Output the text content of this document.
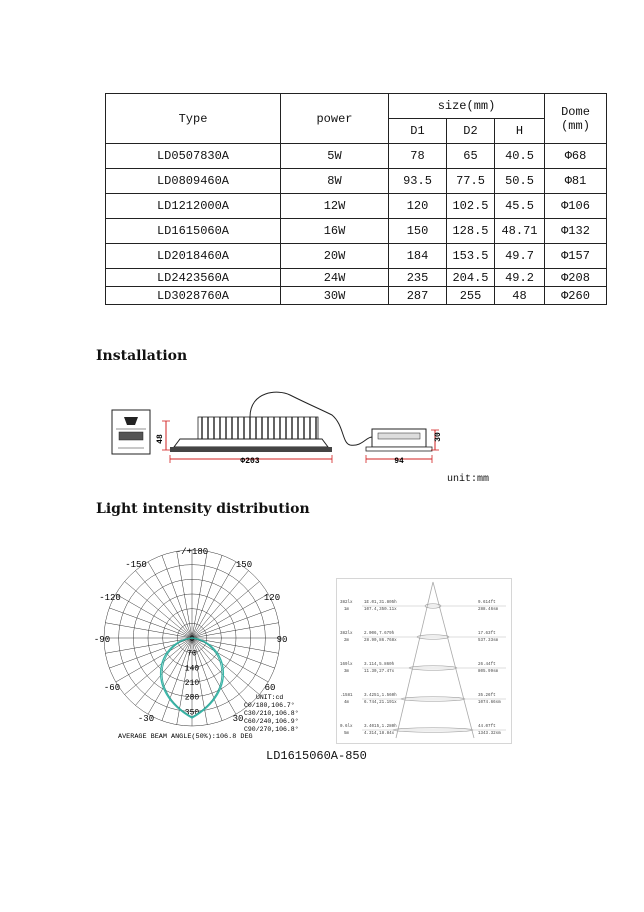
Type	power	size(mm)			Dome
(mm)
		D1	D2	H	
LD0507830A	5W	78	65	40.5	Φ68
LD0809460A	8W	93.5	77.5	50.5	Φ81
LD1212000A	12W	120	102.5	45.5	Φ106
LD1615060A	16W	150	128.5	48.71	Φ132
LD2018460A	20W	184	153.5	49.7	Φ157
LD2423560A	24W	235	204.5	49.2	Φ208
LD3028760A	30W	287	255	48	Φ260
Installation
48	30
Φ203	94
unit:mm
Light intensity distribution
-/+180
-150	150
-120	120
-90	90
-60	60
-30	30
0
70
140
210
280
350
UNIT:cd
C0/180,106.7°
C30/210,106.8°
C60/240,106.9°
C90/270,106.8°
AVERAGE BEAM ANGLE(50%):106.8 DEG
382lx
1m
1E.01,31.805h
107.4,350.11x
9.614ft
288.46sm
382lx
2m
2.006,7.679h
28.90,86.768x
17.63ft
537.33sm
169lx
3m
3.114,5.860h
11.30,27.47x
26.44ft
805.99sm
.1581
4m
3.4251,1.560h
6.744,21.191x
35.26ft
1074.66sm
0.6lx
5m
3.4015,1.280h
4.314,18.84x
44.07ft
1343.32sm
LD1615060A-850
